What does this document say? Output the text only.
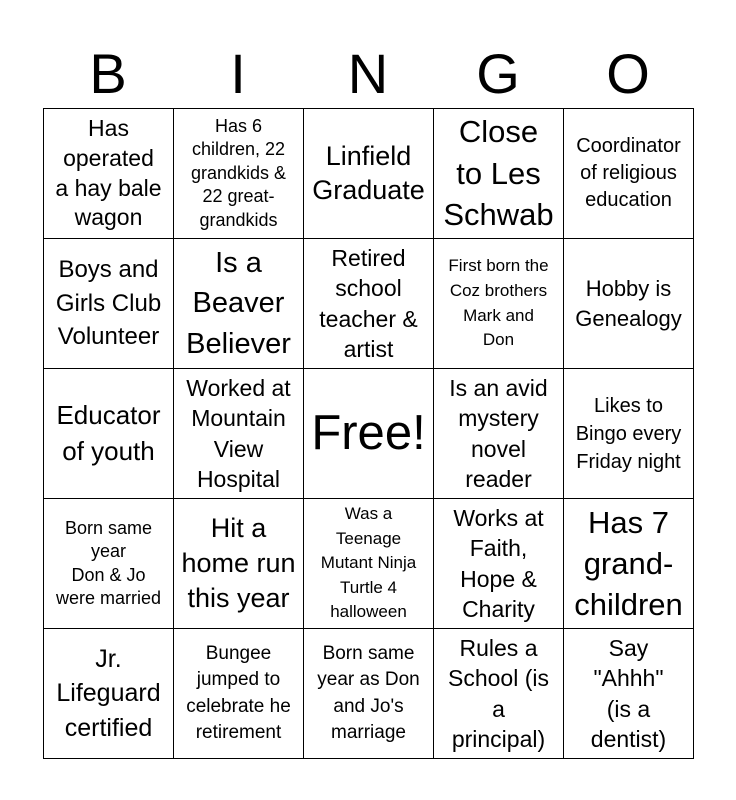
B	I	N	G	O
Has
operated
a hay bale
wagon	Has 6
children, 22
grandkids &
22 great-
grandkids	Linfield
Graduate	Close
to Les
Schwab	Coordinator
of religious
education

Boys and
Girls Club
Volunteer	Is a
Beaver
Believer	Retired
school
teacher &
artist	First born the
Coz brothers
Mark and
Don	Hobby is
Genealogy

Educator
of youth	Worked at
Mountain
View
Hospital	Free!	Is an avid
mystery
novel
reader	Likes to
Bingo every
Friday night

Born same
year
Don & Jo
were married	Hit a
home run
this year	Was a
Teenage
Mutant Ninja
Turtle 4
halloween	Works at
Faith,
Hope &
Charity	Has 7
grand-
children

Jr.
Lifeguard
certified	Bungee
jumped to
celebrate he
retirement	Born same
year as Don
and Jo's
marriage	Rules a
School (is
a
principal)	Say
"Ahhh"
(is a
dentist)
